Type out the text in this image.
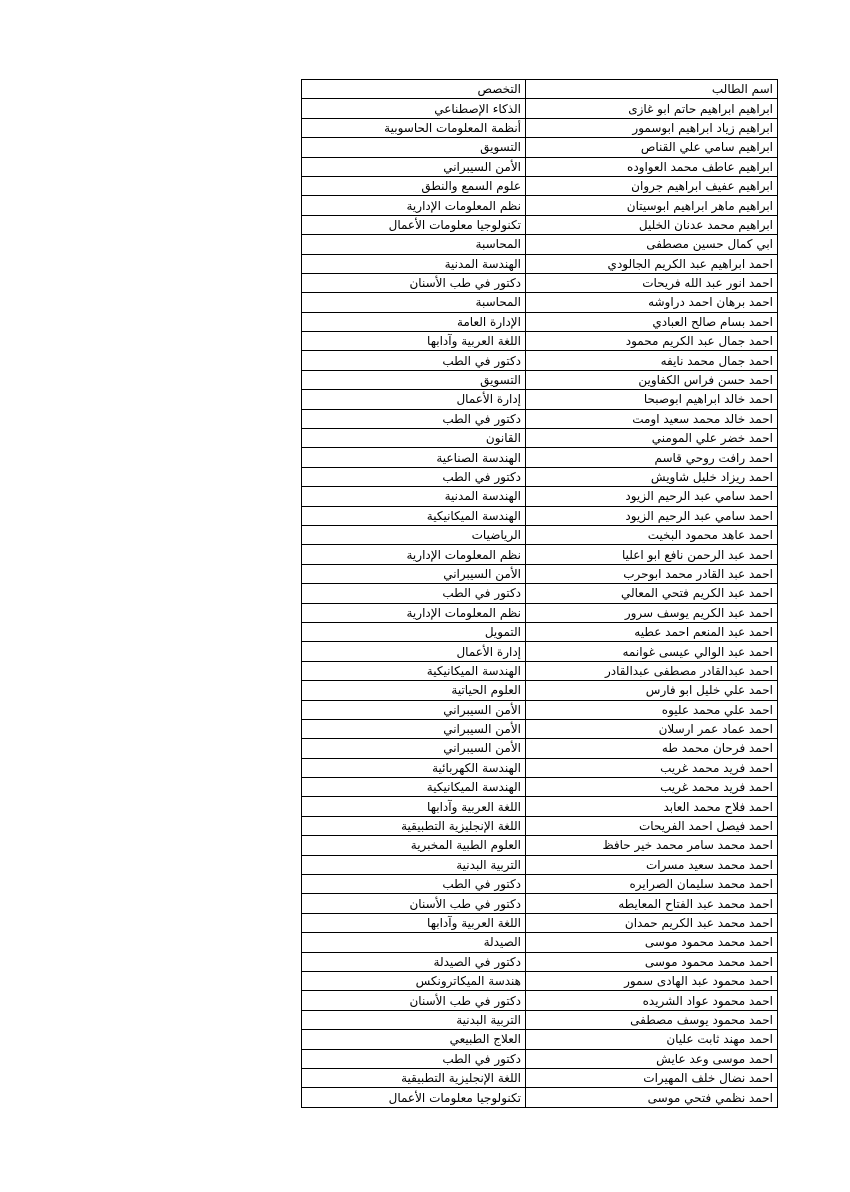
اسم الطالب	التخصص
ابراهيم ابراهيم حاتم ابو غازى	الذكاء الإصطناعي
ابراهيم زياد ابراهيم ابوسمور	أنظمة المعلومات الحاسوبية
ابراهيم سامي علي القناص	التسويق
ابراهيم عاطف محمد العواوده	الأمن السيبراني
ابراهيم عفيف ابراهيم جروان	علوم السمع والنطق
ابراهيم ماهر ابراهيم ابوسيتان	نظم المعلومات الإدارية
ابراهيم محمد عدنان الخليل	تكنولوجيا معلومات الأعمال
ابي كمال حسين مصطفى	المحاسبة
احمد ابراهيم عبد الكريم الجالودي	الهندسة المدنية
احمد انور عبد الله فريحات	دكتور في طب الأسنان
احمد برهان احمد دراوشه	المحاسبة
احمد بسام صالح العبادي	الإدارة العامة
احمد جمال عبد الكريم محمود	اللغة العربية وآدابها
احمد جمال محمد نايفه	دكتور في الطب
احمد حسن فراس الكفاوين	التسويق
احمد خالد ابراهيم ابوصبحا	إدارة الأعمال
احمد خالد محمد سعيد اومت	دكتور في الطب
احمد خضر علي المومني	القانون
احمد رافت روحي قاسم	الهندسة الصناعية
احمد ريزاد خليل شاويش	دكتور في الطب
احمد سامي عبد الرحيم الزيود	الهندسة المدنية
احمد سامي عبد الرحيم الزيود	الهندسة الميكانيكية
احمد عاهد محمود البخيت	الرياضيات
احمد عبد الرحمن نافع ابو اعليا	نظم المعلومات الإدارية
احمد عبد القادر محمد ابوحرب	الأمن السيبراني
احمد عبد الكريم فتحي المعالي	دكتور في الطب
احمد عبد الكريم يوسف سرور	نظم المعلومات الإدارية
احمد عبد المنعم احمد عطيه	التمويل
احمد عبد الوالي عيسى غوانمه	إدارة الأعمال
احمد عبدالقادر مصطفى عبدالقادر	الهندسة الميكانيكية
احمد علي خليل ابو فارس	العلوم الحياتية
احمد علي محمد عليوه	الأمن السيبراني
احمد عماد عمر ارسلان	الأمن السيبراني
احمد فرحان محمد طه	الأمن السيبراني
احمد فريد محمد غريب	الهندسة الكهربائية
احمد فريد محمد غريب	الهندسة الميكانيكية
احمد فلاح محمد العابد	اللغة العربية وآدابها
احمد فيصل احمد الفريحات	اللغة الإنجليزية التطبيقية
احمد محمد سامر محمد خير حافظ	العلوم الطبية المخبرية
احمد محمد سعيد مسرات	التربية البدنية
احمد محمد سليمان الصرايره	دكتور في الطب
احمد محمد عبد الفتاح المعايطه	دكتور في طب الأسنان
احمد محمد عبد الكريم حمدان	اللغة العربية وآدابها
احمد محمد محمود موسى	الصيدلة
احمد محمد محمود موسى	دكتور في الصيدلة
احمد محمود عبد الهادى سمور	هندسة الميكاترونكس
احمد محمود عواد الشريده	دكتور في طب الأسنان
احمد محمود يوسف مصطفى	التربية البدنية
احمد مهند ثابت عليان	العلاج الطبيعي
احمد موسى وعد عايش	دكتور في الطب
احمد نضال خلف المهيرات	اللغة الإنجليزية التطبيقية
احمد نظمي فتحي موسى	تكنولوجيا معلومات الأعمال
